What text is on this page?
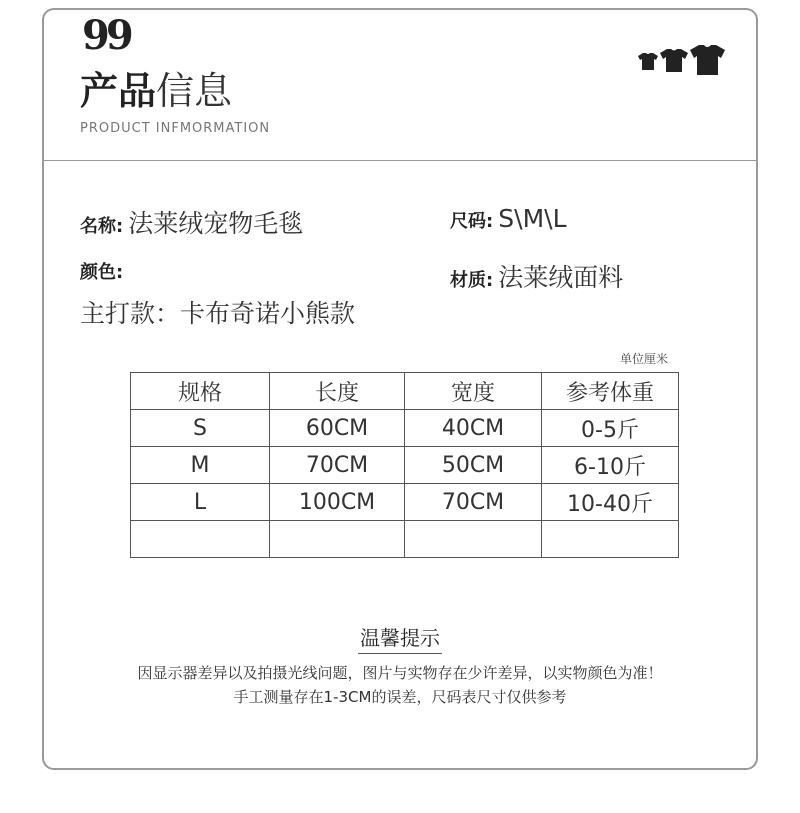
99
产品信息
PRODUCT INFMORMATION
名称: 法莱绒宠物毛毯	尺码: S\M\L
颜色:
主打款：卡布奇诺小熊款
材质: 法莱绒面料
单位厘米
规格	长度	宽度	参考体重
S	60CM	40CM	0-5斤
M	70CM	50CM	6-10斤
L	100CM	70CM	10-40斤

温馨提示
因显示器差异以及拍摄光线问题，图片与实物存在少许差异，以实物颜色为准！
手工测量存在1-3CM的误差，尺码表尺寸仅供参考
